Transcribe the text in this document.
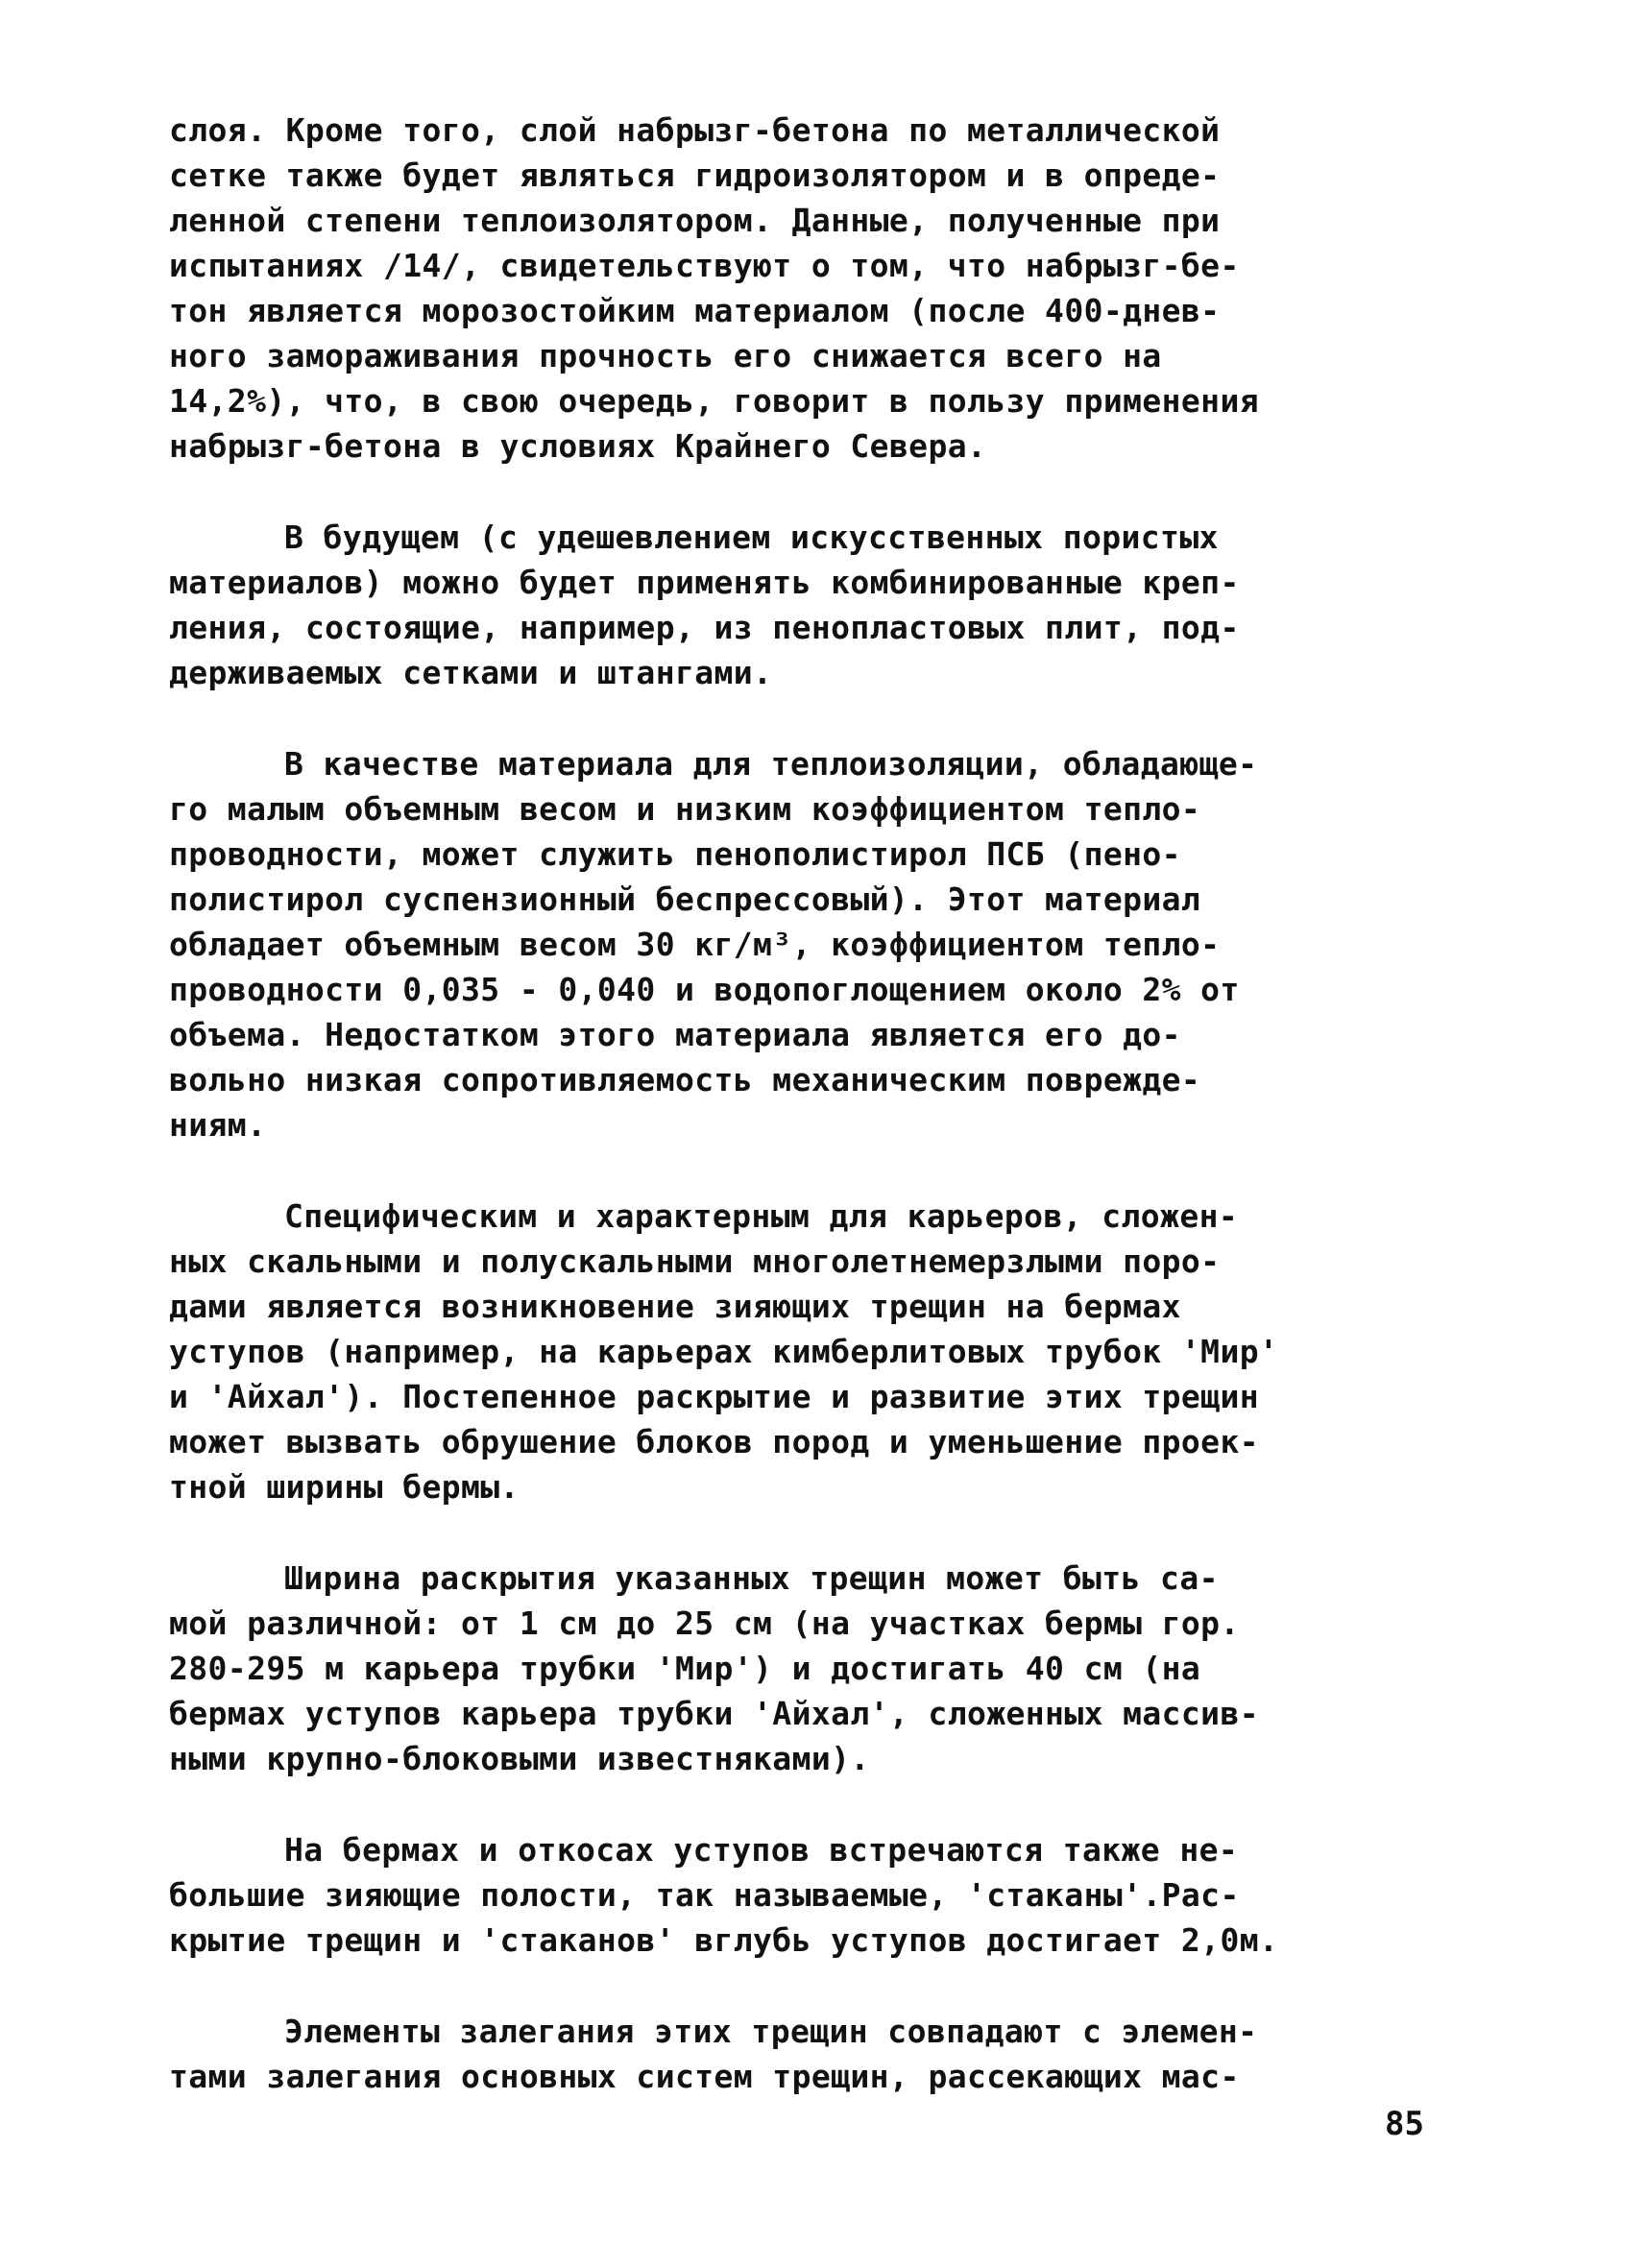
слоя. Кроме того, слой набрызг-бетона по металлической
сетке также будет являться гидроизолятором и в опреде-
ленной степени теплоизолятором. Данные, полученные при
испытаниях /14/, свидетельствуют о том, что набрызг-бе-
тон является морозостойким материалом (после 400-днев-
ного замораживания прочность его снижается всего на
14,2%), что, в свою очередь, говорит в пользу применения
набрызг-бетона в условиях Крайнего Севера.
В будущем (с удешевлением искусственных пористых
материалов) можно будет применять комбинированные креп-
ления, состоящие, например, из пенопластовых плит, под-
держиваемых сетками и штангами.
В качестве материала для теплоизоляции, обладающе-
го малым объемным весом и низким коэффициентом тепло-
проводности, может служить пенополистирол ПСБ (пено-
полистирол суспензионный беспрессовый). Этот материал
обладает объемным весом 30 кг/м³, коэффициентом тепло-
проводности 0,035 - 0,040 и водопоглощением около 2% от
объема. Недостатком этого материала является его до-
вольно низкая сопротивляемость механическим поврежде-
ниям.
Специфическим и характерным для карьеров, сложен-
ных скальными и полускальными многолетнемерзлыми поро-
дами является возникновение зияющих трещин на бермах
уступов (например, на карьерах кимберлитовых трубок 'Мир'
и 'Айхал'). Постепенное раскрытие и развитие этих трещин
может вызвать обрушение блоков пород и уменьшение проек-
тной ширины бермы.
Ширина раскрытия указанных трещин может быть са-
мой различной: от 1 см до 25 см (на участках бермы гор.
280-295 м карьера трубки 'Мир') и достигать 40 см (на
бермах уступов карьера трубки 'Айхал', сложенных массив-
ными крупно-блоковыми известняками).
На бермах и откосах уступов встречаются также не-
большие зияющие полости, так называемые, 'стаканы'.Рас-
крытие трещин и 'стаканов' вглубь уступов достигает 2,0м.
Элементы залегания этих трещин совпадают с элемен-
тами залегания основных систем трещин, рассекающих мас-
85
